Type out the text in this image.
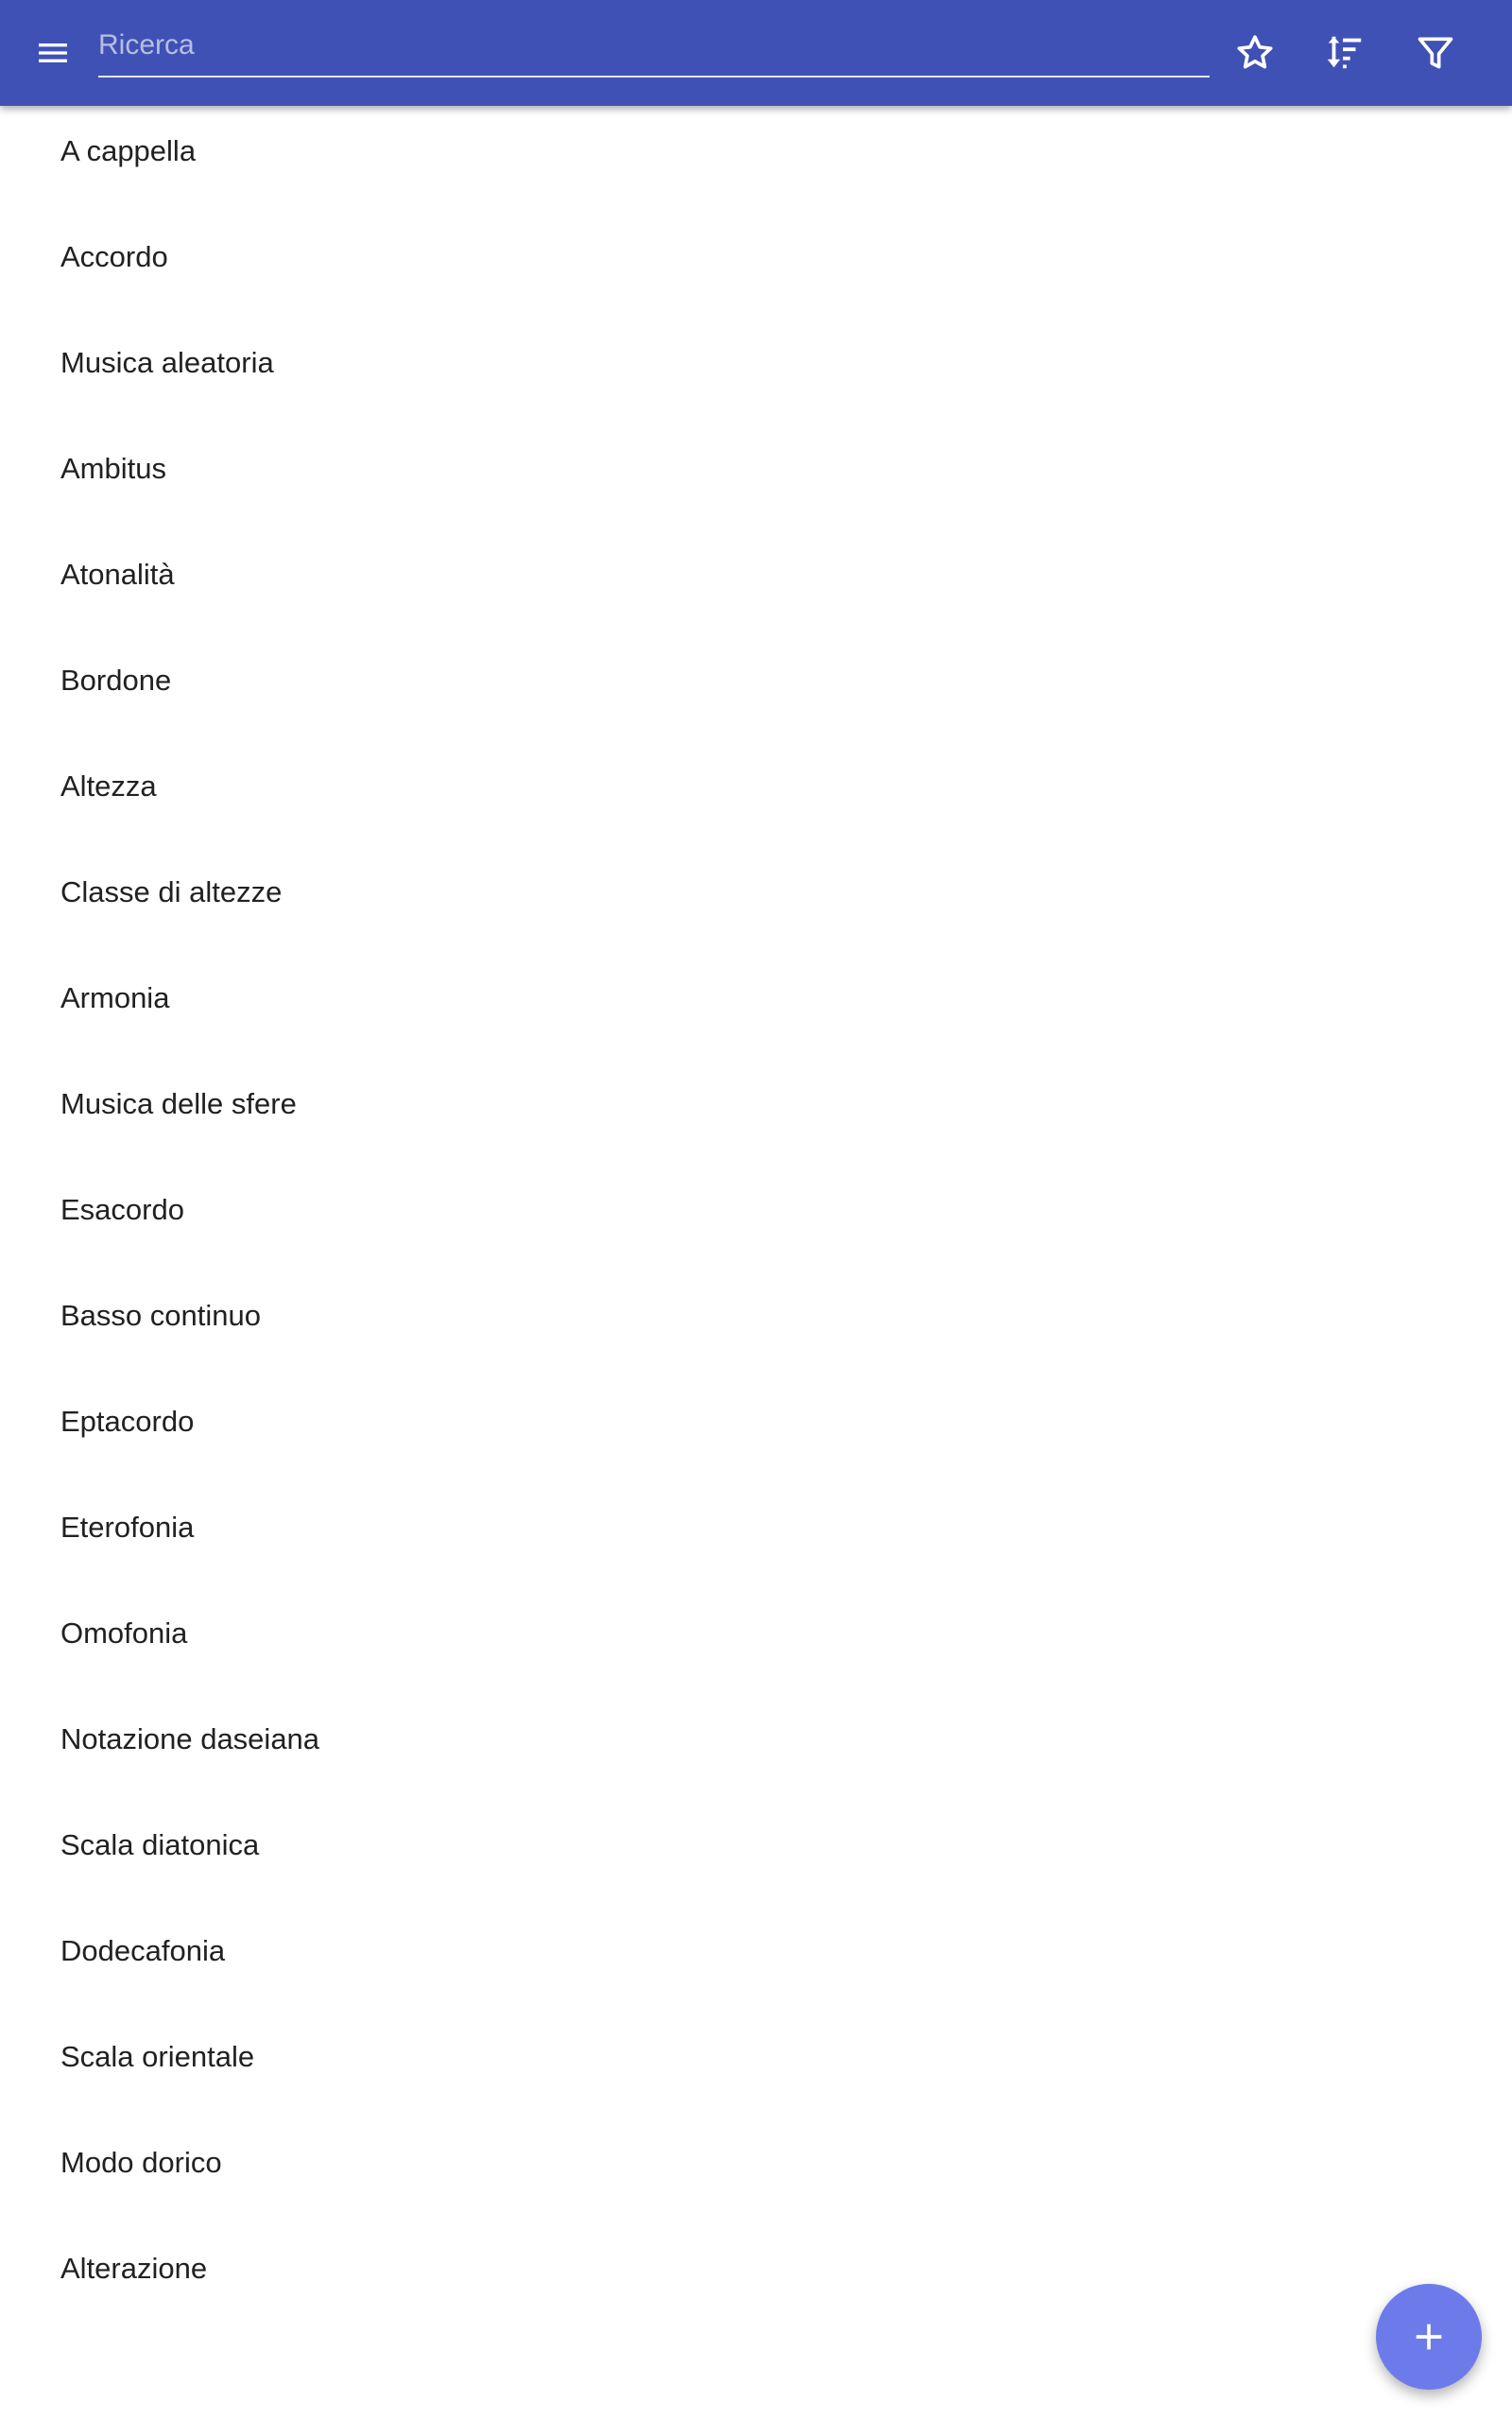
Ricerca
A cappella
Accordo
Musica aleatoria
Ambitus
Atonalità
Bordone
Altezza
Classe di altezze
Armonia
Musica delle sfere
Esacordo
Basso continuo
Eptacordo
Eterofonia
Omofonia
Notazione daseiana
Scala diatonica
Dodecafonia
Scala orientale
Modo dorico
Alterazione
